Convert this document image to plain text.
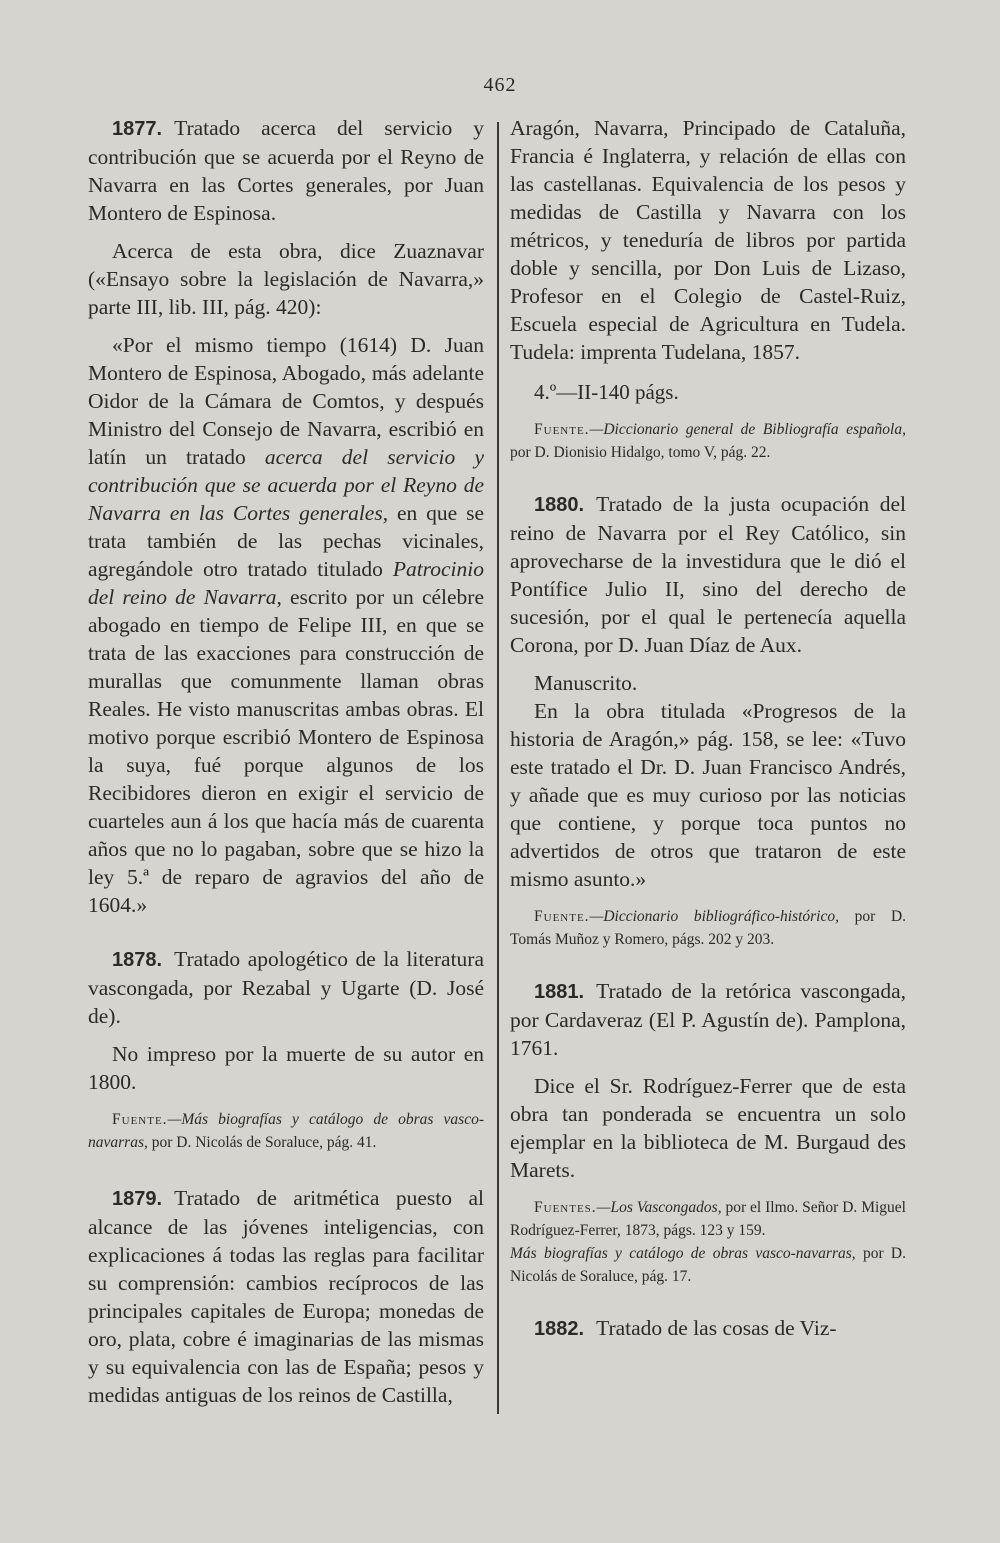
462

1877. Tratado acerca del servicio y contribución que se acuerda por el Reyno de Navarra en las Cortes generales, por Juan Montero de Espinosa.

Acerca de esta obra, dice Zuaznavar («Ensayo sobre la legislación de Navarra,» parte III, lib. III, pág. 420):

«Por el mismo tiempo (1614) D. Juan Montero de Espinosa, Abogado, más adelante Oidor de la Cámara de Comtos, y después Ministro del Consejo de Navarra, escribió en latín un tratado acerca del servicio y contribución que se acuerda por el Reyno de Navarra en las Cortes generales, en que se trata también de las pechas vicinales, agregándole otro tratado titulado Patrocinio del reino de Navarra, escrito por un célebre abogado en tiempo de Felipe III, en que se trata de las exacciones para construcción de murallas que comunmente llaman obras Reales. He visto manuscritas ambas obras. El motivo porque escribió Montero de Espinosa la suya, fué porque algunos de los Recibidores dieron en exigir el servicio de cuarteles aun á los que hacía más de cuarenta años que no lo pagaban, sobre que se hizo la ley 5.ª de reparo de agravios del año de 1604.»

1878. Tratado apologético de la literatura vascongada, por Rezabal y Ugarte (D. José de).

No impreso por la muerte de su autor en 1800.

Fuente.—Más biografías y catálogo de obras vasco-navarras, por D. Nicolás de Soraluce, pág. 41.

1879. Tratado de aritmética puesto al alcance de las jóvenes inteligencias, con explicaciones á todas las reglas para facilitar su comprensión: cambios recíprocos de las principales capitales de Europa; monedas de oro, plata, cobre é imaginarias de las mismas y su equivalencia con las de España; pesos y medidas antiguas de los reinos de Castilla,

Aragón, Navarra, Principado de Cataluña, Francia é Inglaterra, y relación de ellas con las castellanas. Equivalencia de los pesos y medidas de Castilla y Navarra con los métricos, y teneduría de libros por partida doble y sencilla, por Don Luis de Lizaso, Profesor en el Colegio de Castel-Ruiz, Escuela especial de Agricultura en Tudela. Tudela: imprenta Tudelana, 1857.

4.º—II-140 págs.

Fuente.—Diccionario general de Bibliografía española, por D. Dionisio Hidalgo, tomo V, pág. 22.

1880. Tratado de la justa ocupación del reino de Navarra por el Rey Católico, sin aprovecharse de la investidura que le dió el Pontífice Julio II, sino del derecho de sucesión, por el qual le pertenecía aquella Corona, por D. Juan Díaz de Aux.

Manuscrito.

En la obra titulada «Progresos de la historia de Aragón,» pág. 158, se lee: «Tuvo este tratado el Dr. D. Juan Francisco Andrés, y añade que es muy curioso por las noticias que contiene, y porque toca puntos no advertidos de otros que trataron de este mismo asunto.»

Fuente.—Diccionario bibliográfico-histórico, por D. Tomás Muñoz y Romero, págs. 202 y 203.

1881. Tratado de la retórica vascongada, por Cardaveraz (El P. Agustín de). Pamplona, 1761.

Dice el Sr. Rodríguez-Ferrer que de esta obra tan ponderada se encuentra un solo ejemplar en la biblioteca de M. Burgaud des Marets.

Fuentes.—Los Vascongados, por el Ilmo. Señor D. Miguel Rodríguez-Ferrer, 1873, págs. 123 y 159.
Más biografías y catálogo de obras vasco-navarras, por D. Nicolás de Soraluce, pág. 17.

1882. Tratado de las cosas de Viz-
